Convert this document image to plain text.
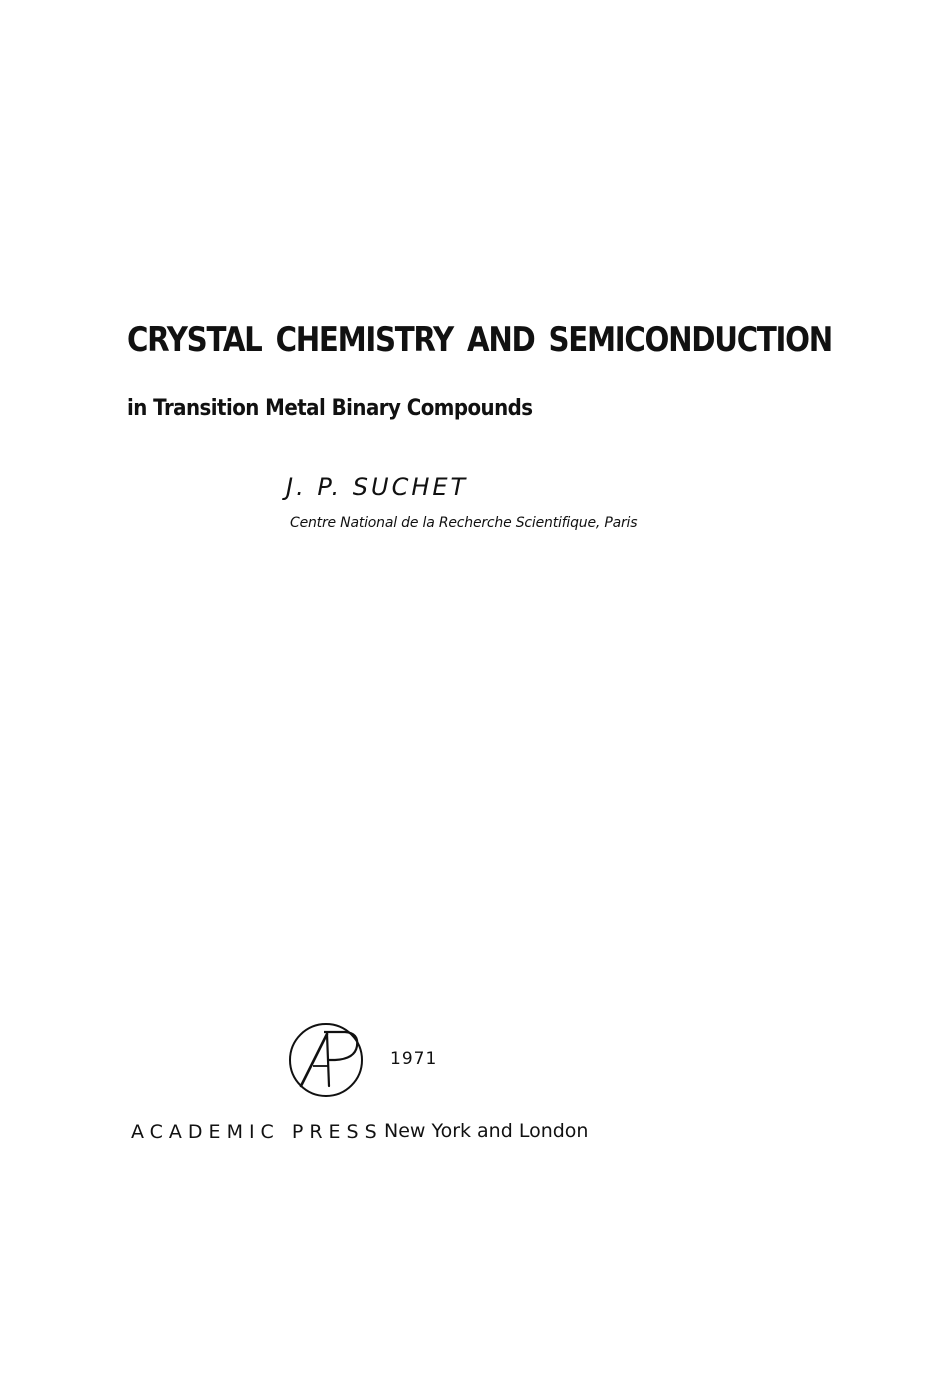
CRYSTAL CHEMISTRY AND SEMICONDUCTION
in Transition Metal Binary Compounds

J. P. SUCHET

Centre National de la Recherche Scientifique, Paris

1971

ACADEMIC PRESS New York and London
